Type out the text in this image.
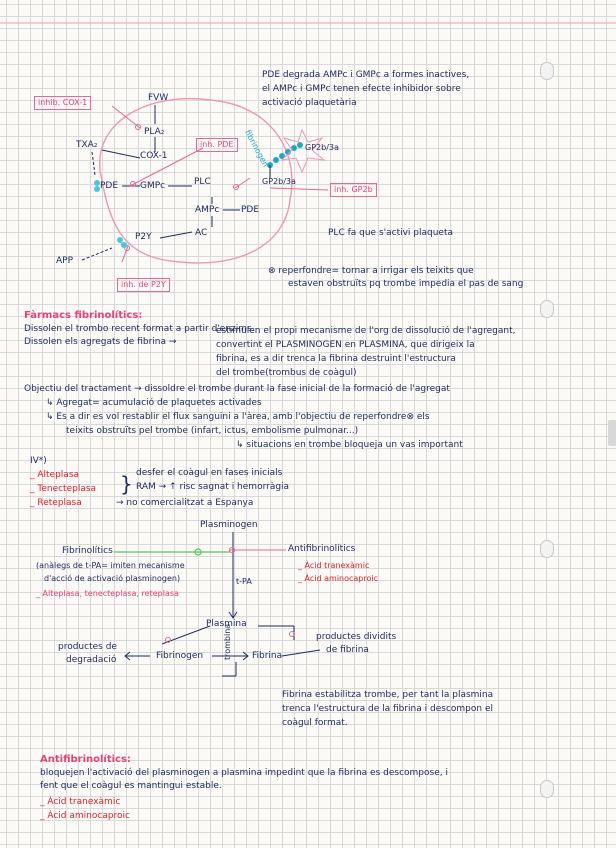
FVW
PLA₂
COX-1
TXA₂
inhib. COX-1
inh. PDE
PDE GMPc	PLC
AMPc PDE
P2Y	AC
APP
inh. de P2Y
GP2b/3a
GP2b/3a
inh. GP2b
fibrinogen
PDE degrada AMPc i GMPc a formes inactives,
el AMPc i GMPc tenen efecte inhibidor sobre
activació plaquetària
PLC fa que s'activi plaqueta
⊗ reperfondre= tornar a irrigar els teixits que
estaven obstruïts pq trombe impedia el pas de sang
Fàrmacs fibrinolítics:
Dissolen el trombo recent format a partir d'enzims.
Dissolen els agregats de fibrina →
estimulen el propi mecanisme de l'org de dissolució de l'agregant,
convertint el PLASMINOGEN en PLASMINA, que dirigeix la
fibrina, es a dir trenca la fibrina destruint l'estructura
del trombe(trombus de coàgul)
Objectiu del tractament → dissoldre el trombe durant la fase inicial de la formació de l'agregat
↳ Agregat= acumulació de plaquetes activades
↳ Es a dir es vol restablir el flux sanguini a l'àrea, amb l'objectiu de reperfondre⊗ els
teixits obstruïts pel trombe (infart, ictus, embolisme pulmonar...)
↳ situacions en trombe bloqueja un vas important
IV*)
_ Alteplasa
_ Tenecteplasa
_ Reteplasa
} desfer el coàgul en fases inicials
RAM → ↑ risc sagnat i hemorràgia
→ no comercialitzat a Espanya
Plasminogen
Fibrinolítics
(anàlegs de t-PA= imiten mecanisme
d'acció de activació plasminogen)
_ Alteplasa, tenecteplasa, reteplasa
Antifibrinolítics
_ Àcid tranexàmic
_ Àcid aminocaproic
t-PA
Plasmina
productes de
degradació	Fibrinogen trombina Fibrina
productes dividits
de fibrina
Fibrina estabilitza trombe, per tant la plasmina
trenca l'estructura de la fibrina i descompon el
coàgul format.
Antifibrinolítics:
bloquejen l'activació del plasminogen a plasmina impedint que la fibrina es descompose, i
fent que el coàgul es mantingui estable.
_ Àcid tranexàmic
_ Àcid aminocaproic
